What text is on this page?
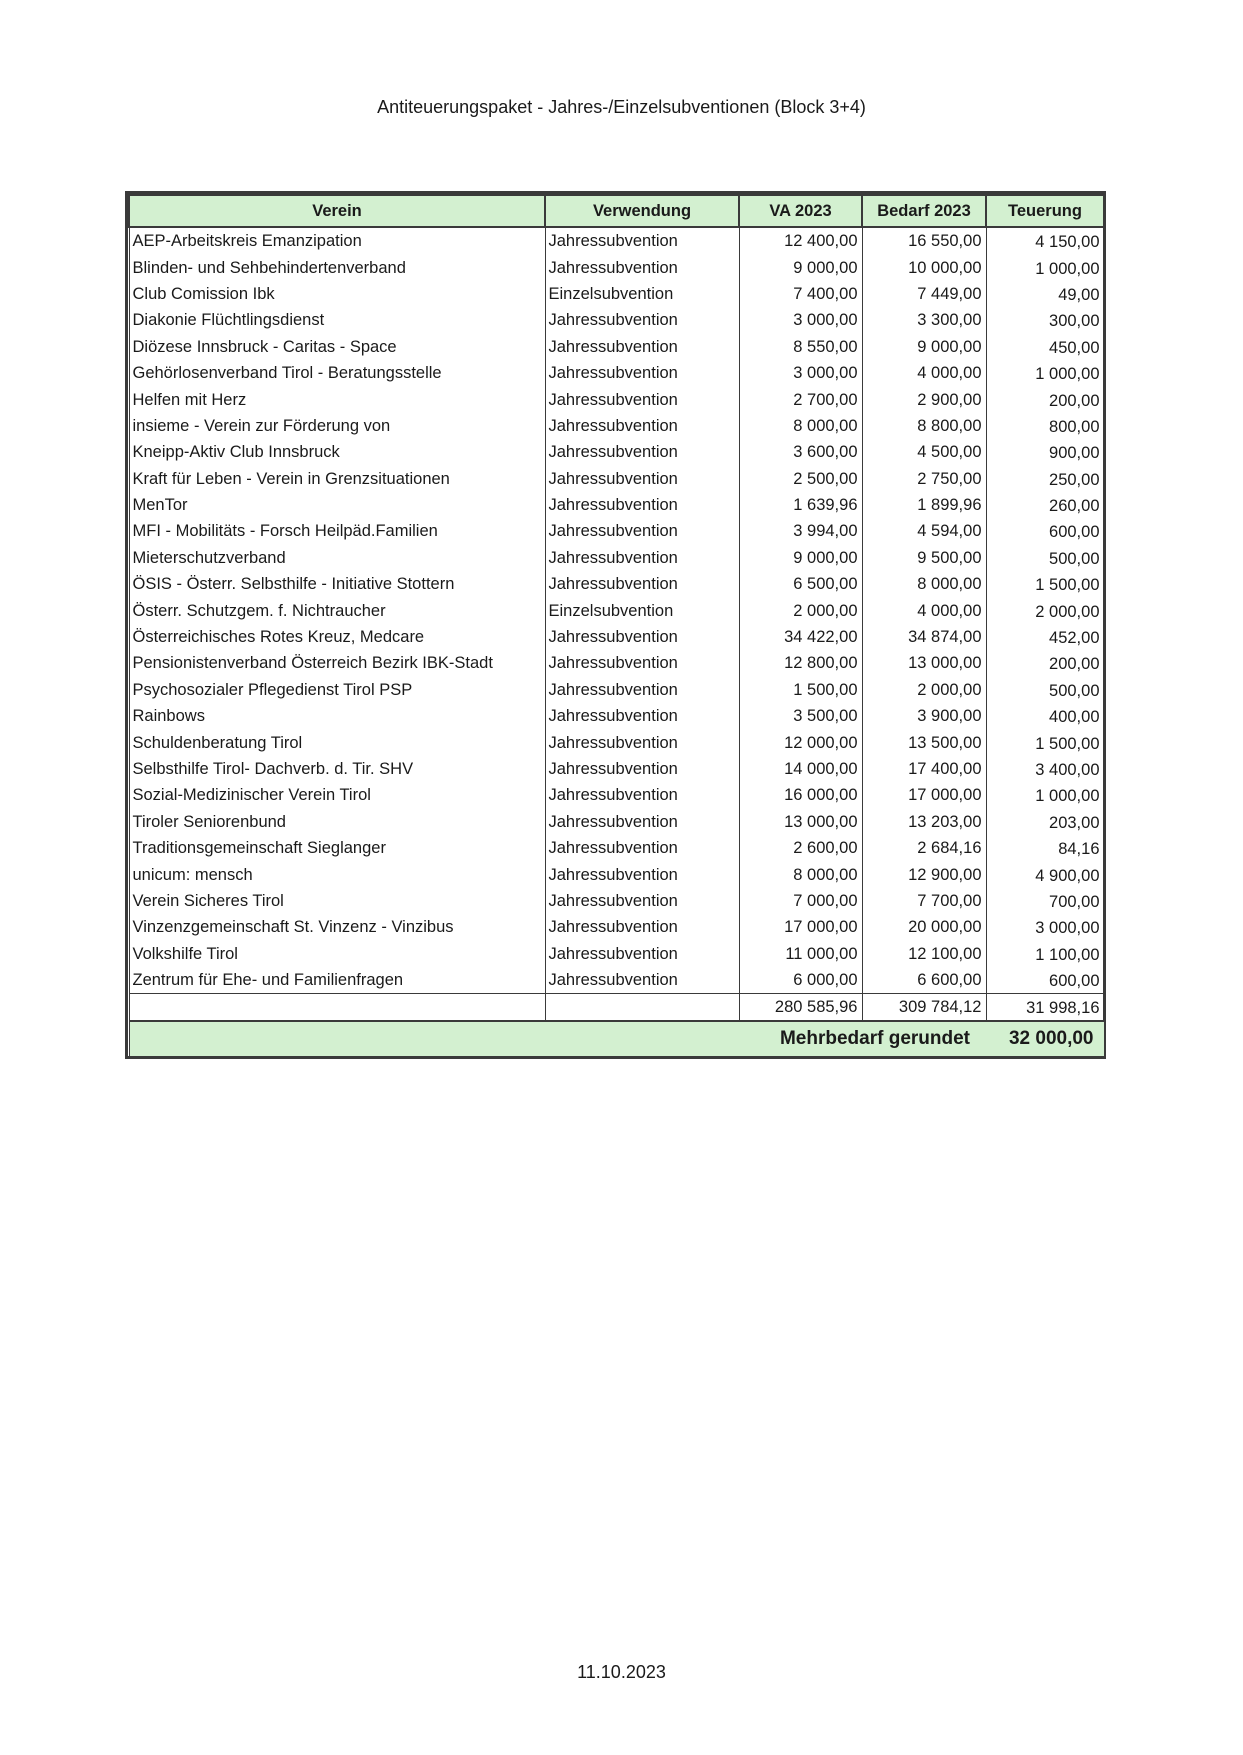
Antiteuerungspaket - Jahres-/Einzelsubventionen (Block 3+4)
Verein	Verwendung	VA 2023	Bedarf 2023	Teuerung
AEP-Arbeitskreis Emanzipation	Jahressubvention	12 400,00	16 550,00	4 150,00
Blinden- und Sehbehindertenverband	Jahressubvention	9 000,00	10 000,00	1 000,00
Club Comission Ibk	Einzelsubvention	7 400,00	7 449,00	49,00
Diakonie Flüchtlingsdienst	Jahressubvention	3 000,00	3 300,00	300,00
Diözese Innsbruck - Caritas - Space	Jahressubvention	8 550,00	9 000,00	450,00
Gehörlosenverband Tirol - Beratungsstelle	Jahressubvention	3 000,00	4 000,00	1 000,00
Helfen mit Herz	Jahressubvention	2 700,00	2 900,00	200,00
insieme - Verein zur Förderung von	Jahressubvention	8 000,00	8 800,00	800,00
Kneipp-Aktiv Club Innsbruck	Jahressubvention	3 600,00	4 500,00	900,00
Kraft für Leben - Verein in Grenzsituationen	Jahressubvention	2 500,00	2 750,00	250,00
MenTor	Jahressubvention	1 639,96	1 899,96	260,00
MFI - Mobilitäts - Forsch Heilpäd.Familien	Jahressubvention	3 994,00	4 594,00	600,00
Mieterschutzverband	Jahressubvention	9 000,00	9 500,00	500,00
ÖSIS - Österr. Selbsthilfe - Initiative Stottern	Jahressubvention	6 500,00	8 000,00	1 500,00
Österr. Schutzgem. f. Nichtraucher	Einzelsubvention	2 000,00	4 000,00	2 000,00
Österreichisches Rotes Kreuz, Medcare	Jahressubvention	34 422,00	34 874,00	452,00
Pensionistenverband Österreich Bezirk IBK-Stadt	Jahressubvention	12 800,00	13 000,00	200,00
Psychosozialer Pflegedienst Tirol PSP	Jahressubvention	1 500,00	2 000,00	500,00
Rainbows	Jahressubvention	3 500,00	3 900,00	400,00
Schuldenberatung Tirol	Jahressubvention	12 000,00	13 500,00	1 500,00
Selbsthilfe Tirol- Dachverb. d. Tir. SHV	Jahressubvention	14 000,00	17 400,00	3 400,00
Sozial-Medizinischer Verein Tirol	Jahressubvention	16 000,00	17 000,00	1 000,00
Tiroler Seniorenbund	Jahressubvention	13 000,00	13 203,00	203,00
Traditionsgemeinschaft Sieglanger	Jahressubvention	2 600,00	2 684,16	84,16
unicum: mensch	Jahressubvention	8 000,00	12 900,00	4 900,00
Verein Sicheres Tirol	Jahressubvention	7 000,00	7 700,00	700,00
Vinzenzgemeinschaft St. Vinzenz - Vinzibus	Jahressubvention	17 000,00	20 000,00	3 000,00
Volkshilfe Tirol	Jahressubvention	11 000,00	12 100,00	1 100,00
Zentrum für Ehe- und Familienfragen	Jahressubvention	6 000,00	6 600,00	600,00
		280 585,96	309 784,12	31 998,16
Mehrbedarf gerundet				32 000,00
11.10.2023
